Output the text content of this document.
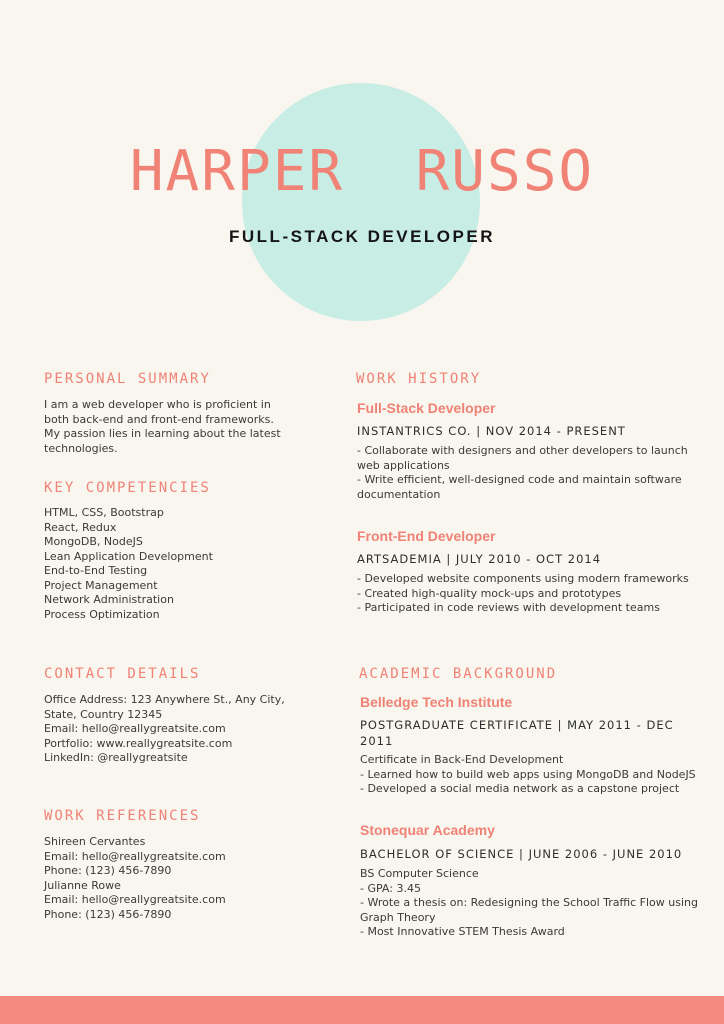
HARPER  RUSSO
FULL-STACK DEVELOPER
PERSONAL SUMMARY
I am a web developer who is proficient in
both back-end and front-end frameworks.
My passion lies in learning about the latest
technologies.
KEY COMPETENCIES
HTML, CSS, Bootstrap
React, Redux
MongoDB, NodeJS
Lean Application Development
End-to-End Testing
Project Management
Network Administration
Process Optimization
CONTACT DETAILS
Office Address: 123 Anywhere St., Any City,
State, Country 12345
Email: hello@reallygreatsite.com
Portfolio: www.reallygreatsite.com
LinkedIn: @reallygreatsite
WORK REFERENCES
Shireen Cervantes
Email: hello@reallygreatsite.com
Phone: (123) 456-7890
Julianne Rowe
Email: hello@reallygreatsite.com
Phone: (123) 456-7890
WORK HISTORY
Full-Stack Developer
INSTANTRICS CO. | NOV 2014 - PRESENT
- Collaborate with designers and other developers to launch
web applications
- Write efficient, well-designed code and maintain software
documentation
Front-End Developer
ARTSADEMIA | JULY 2010 - OCT 2014
- Developed website components using modern frameworks
- Created high-quality mock-ups and prototypes
- Participated in code reviews with development teams
ACADEMIC BACKGROUND
Belledge Tech Institute
POSTGRADUATE CERTIFICATE | MAY 2011 - DEC 2011
Certificate in Back-End Development
- Learned how to build web apps using MongoDB and NodeJS
- Developed a social media network as a capstone project
Stonequar Academy
BACHELOR OF SCIENCE | JUNE 2006 - JUNE 2010
BS Computer Science
- GPA: 3.45
- Wrote a thesis on: Redesigning the School Traffic Flow using
Graph Theory
- Most Innovative STEM Thesis Award
